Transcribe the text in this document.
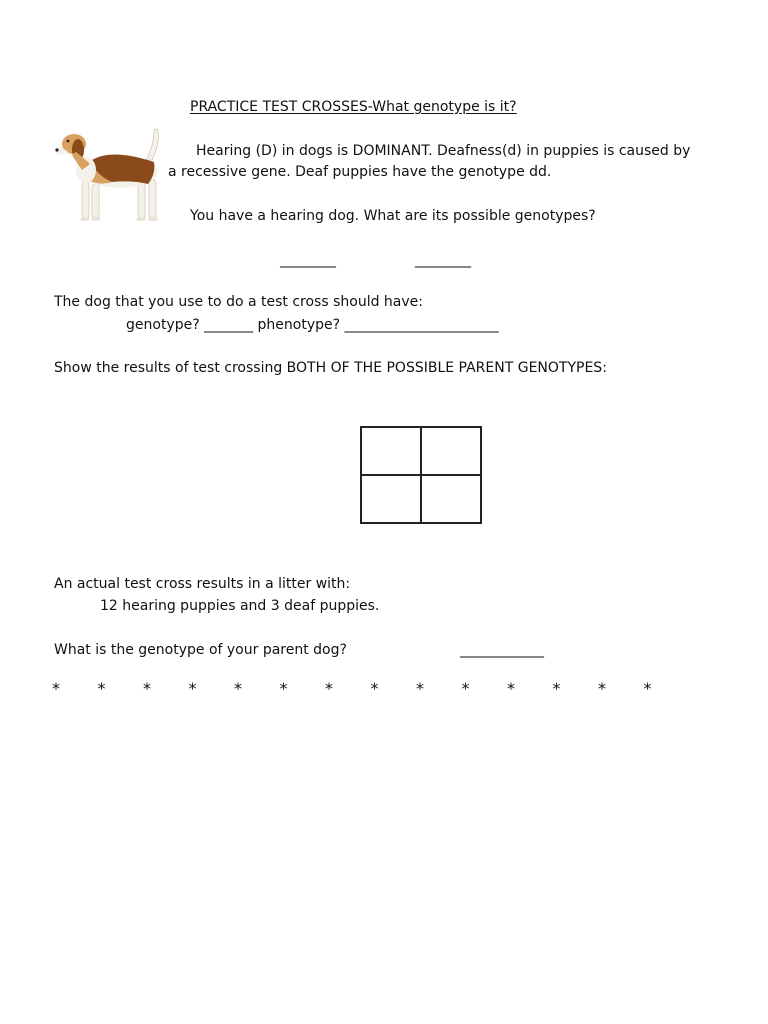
PRACTICE TEST CROSSES-What genotype is it?
Hearing (D) in dogs is DOMINANT. Deafness(d) in puppies is caused by
a recessive gene. Deaf puppies have the genotype dd.
You have a hearing dog. What are its possible genotypes?
________	________
The dog that you use to do a test cross should have:
genotype? _______ phenotype? ______________________
Show the results of test crossing BOTH OF THE POSSIBLE PARENT GENOTYPES:
An actual test cross results in a litter with:
12 hearing puppies and 3 deaf puppies.
What is the genotype of your parent dog?	____________
*	*	*	*	*	*	*	*	*	*	*	*	*	*
